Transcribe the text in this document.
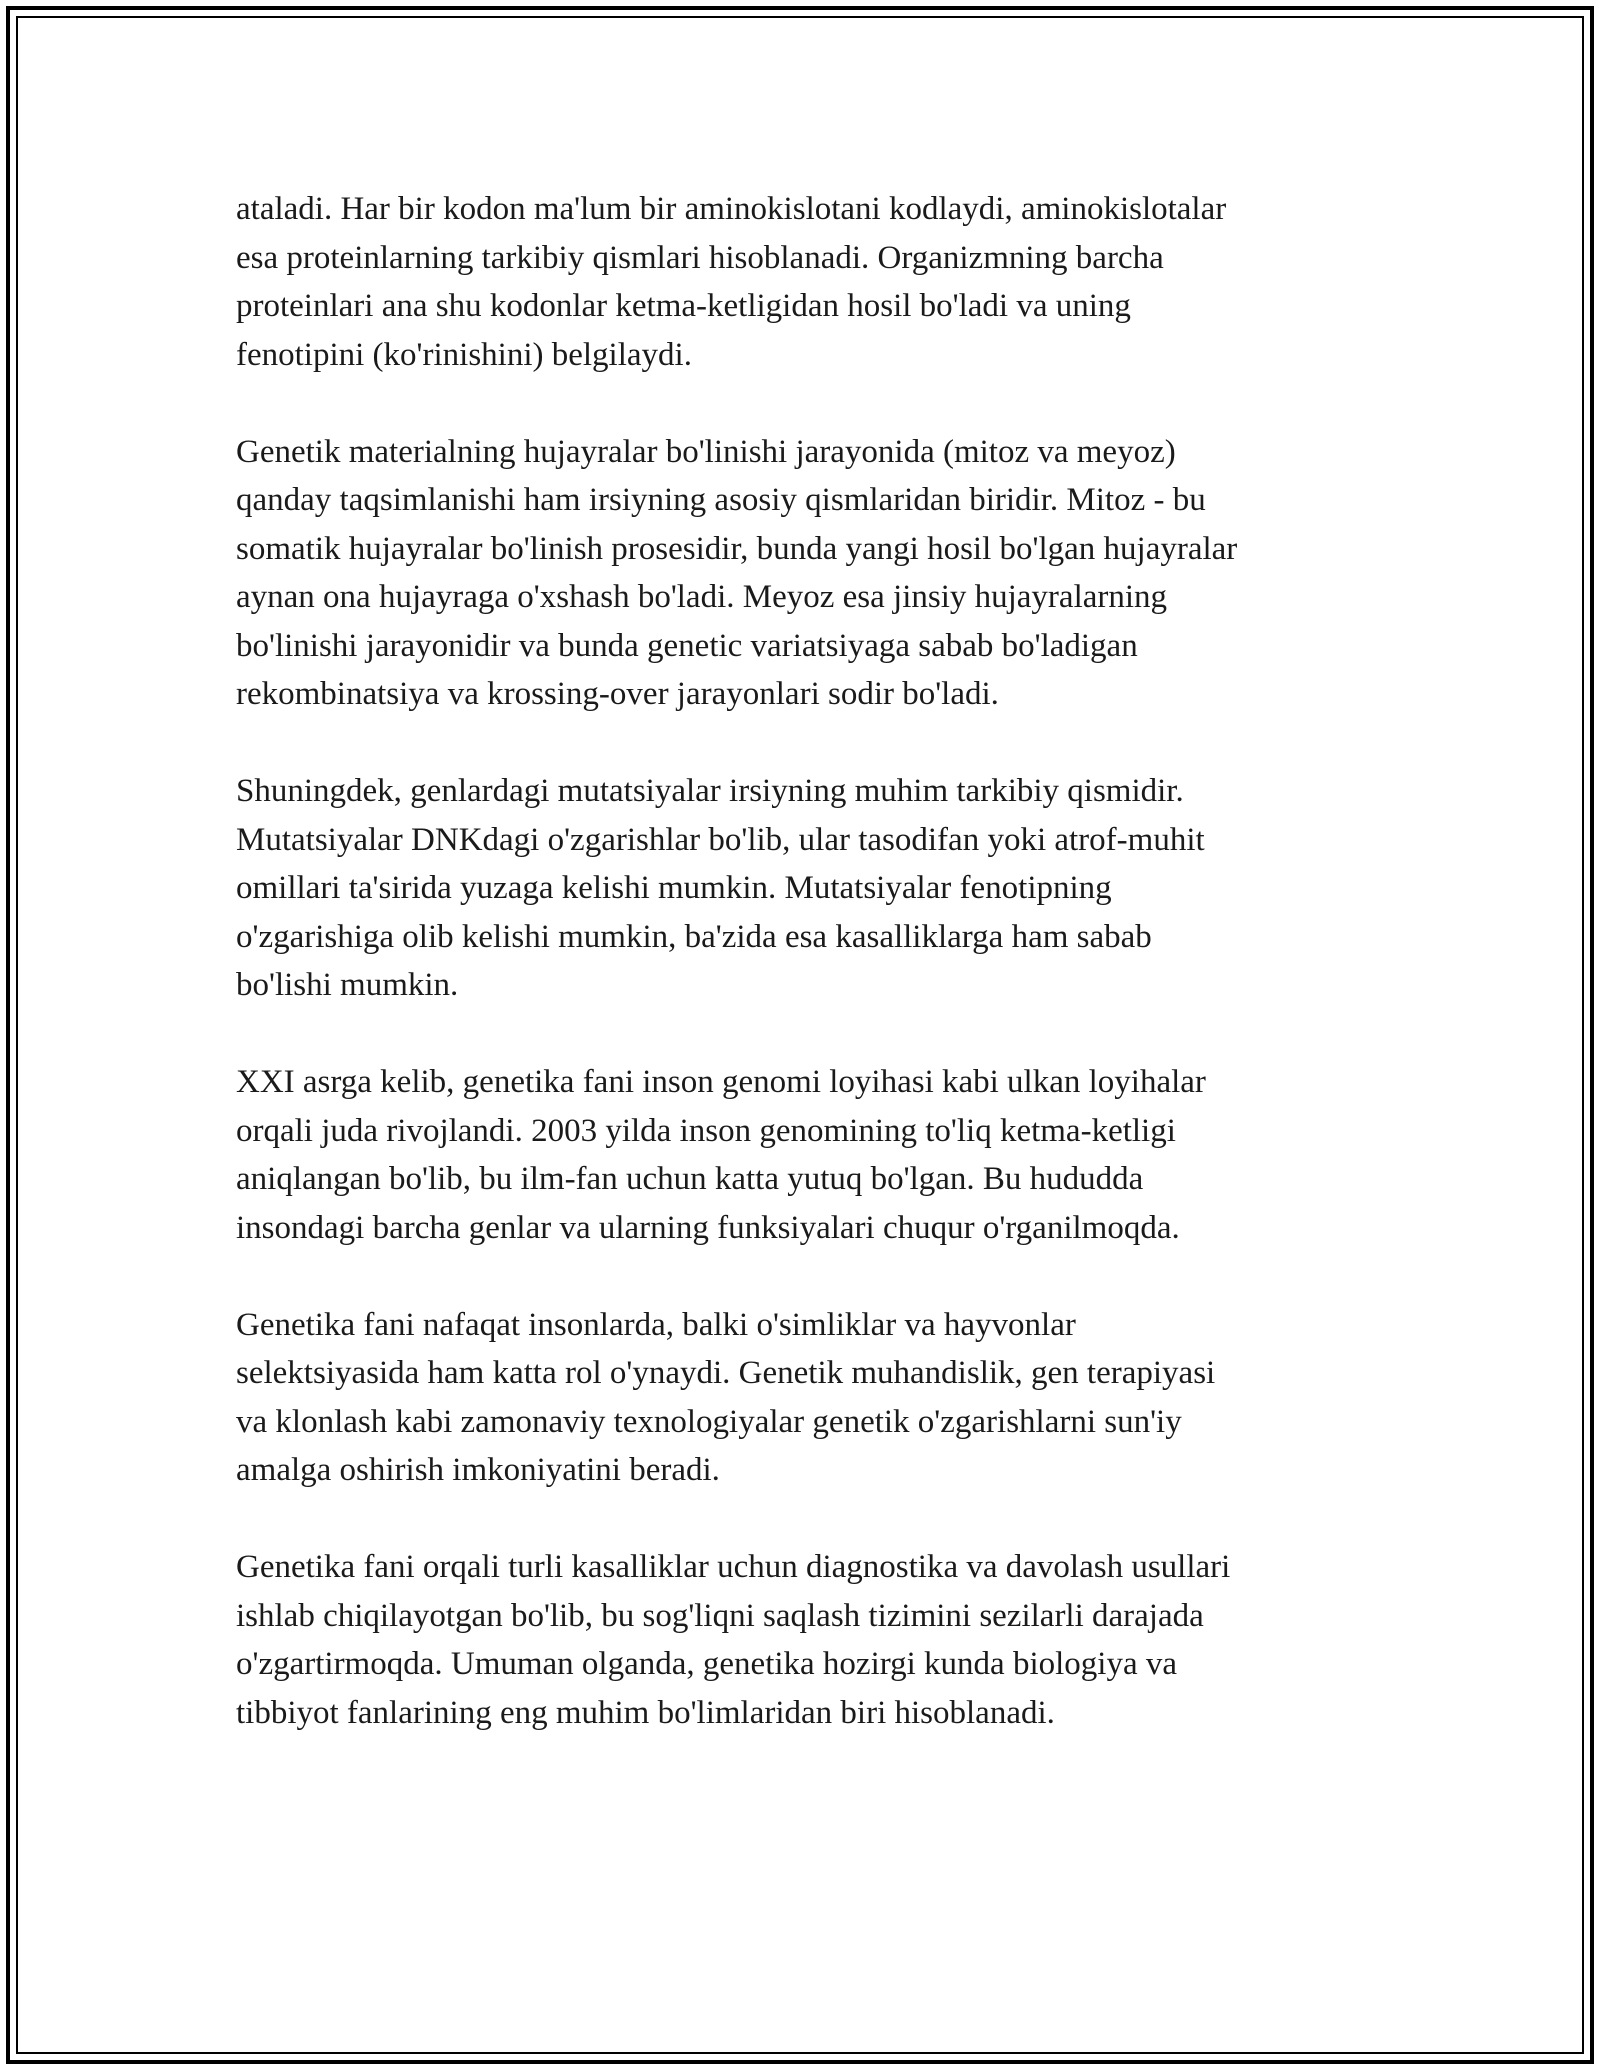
ataladi. Har bir kodon ma'lum bir aminokislotani kodlaydi, aminokislotalar
esa proteinlarning tarkibiy qismlari hisoblanadi. Organizmning barcha
proteinlari ana shu kodonlar ketma-ketligidan hosil bo'ladi va uning
fenotipini (ko'rinishini) belgilaydi.

Genetik materialning hujayralar bo'linishi jarayonida (mitoz va meyoz)
qanday taqsimlanishi ham irsiyning asosiy qismlaridan biridir. Mitoz - bu
somatik hujayralar bo'linish prosesidir, bunda yangi hosil bo'lgan hujayralar
aynan ona hujayraga o'xshash bo'ladi. Meyoz esa jinsiy hujayralarning
bo'linishi jarayonidir va bunda genetic variatsiyaga sabab bo'ladigan
rekombinatsiya va krossing-over jarayonlari sodir bo'ladi.

Shuningdek, genlardagi mutatsiyalar irsiyning muhim tarkibiy qismidir.
Mutatsiyalar DNKdagi o'zgarishlar bo'lib, ular tasodifan yoki atrof-muhit
omillari ta'sirida yuzaga kelishi mumkin. Mutatsiyalar fenotipning
o'zgarishiga olib kelishi mumkin, ba'zida esa kasalliklarga ham sabab
bo'lishi mumkin.

XXI asrga kelib, genetika fani inson genomi loyihasi kabi ulkan loyihalar
orqali juda rivojlandi. 2003 yilda inson genomining to'liq ketma-ketligi
aniqlangan bo'lib, bu ilm-fan uchun katta yutuq bo'lgan. Bu hududda
insondagi barcha genlar va ularning funksiyalari chuqur o'rganilmoqda.

Genetika fani nafaqat insonlarda, balki o'simliklar va hayvonlar
selektsiyasida ham katta rol o'ynaydi. Genetik muhandislik, gen terapiyasi
va klonlash kabi zamonaviy texnologiyalar genetik o'zgarishlarni sun'iy
amalga oshirish imkoniyatini beradi.

Genetika fani orqali turli kasalliklar uchun diagnostika va davolash usullari
ishlab chiqilayotgan bo'lib, bu sog'liqni saqlash tizimini sezilarli darajada
o'zgartirmoqda. Umuman olganda, genetika hozirgi kunda biologiya va
tibbiyot fanlarining eng muhim bo'limlaridan biri hisoblanadi.
